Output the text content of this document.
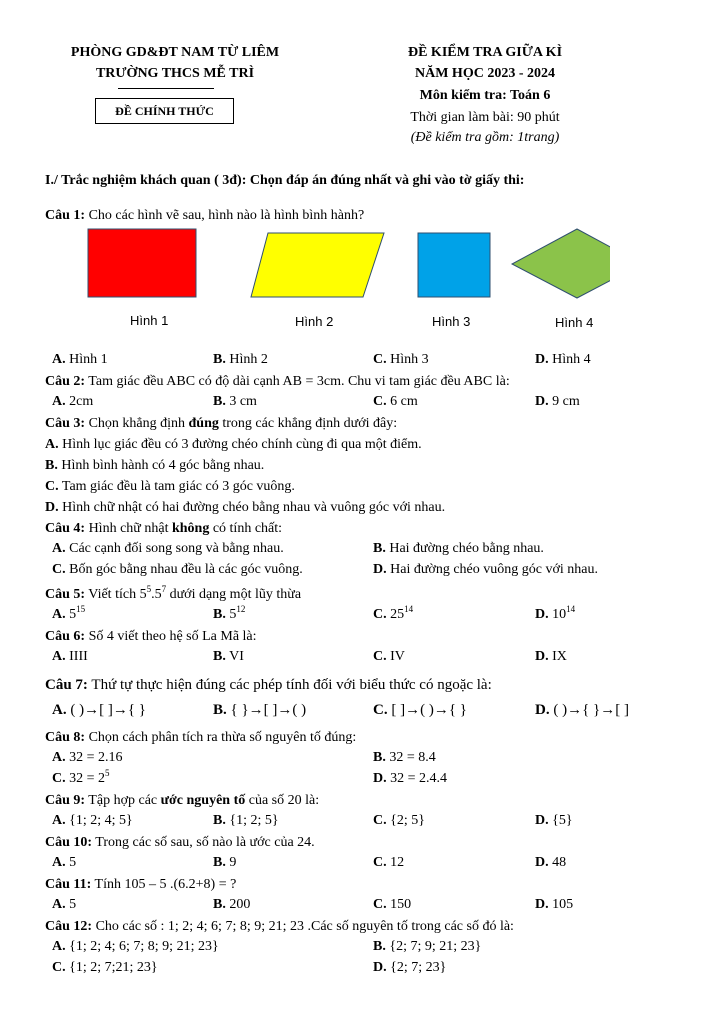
PHÒNG GD&ĐT NAM TỪ LIÊM
TRƯỜNG THCS MỄ TRÌ
ĐỀ CHÍNH THỨC
ĐỀ KIỂM TRA GIỮA KÌ
NĂM HỌC 2023 - 2024
Môn kiểm tra: Toán 6
Thời gian làm bài: 90 phút
(Đề kiểm tra gồm: 1trang)
I./ Trắc nghiệm khách quan ( 3đ): Chọn đáp án đúng nhất và ghi vào tờ giấy thi:
Câu 1: Cho các hình vẽ sau, hình nào là hình bình hành?
Hình 1	Hình 2	Hình 3	Hình 4
A. Hình 1	B. Hình 2	C. Hình 3	D. Hình 4
Câu 2: Tam giác đều ABC có độ dài cạnh AB = 3cm. Chu vi tam giác đều ABC là:
A. 2cm	B. 3 cm	C. 6 cm	D. 9 cm
Câu 3: Chọn khẳng định đúng trong các khẳng định dưới đây:
A. Hình lục giác đều có 3 đường chéo chính cùng đi qua một điểm.
B. Hình bình hành có 4 góc bằng nhau.
C. Tam giác đều là tam giác có 3 góc vuông.
D. Hình chữ nhật có hai đường chéo bằng nhau và vuông góc với nhau.
Câu 4: Hình chữ nhật không có tính chất:
A. Các cạnh đối song song và bằng nhau.	B. Hai đường chéo bằng nhau.
C. Bốn góc bằng nhau đều là các góc vuông.	D. Hai đường chéo vuông góc với nhau.
Câu 5: Viết tích $5^5.5^7$ dưới dạng một lũy thừa
A. $5^{15}$	B. $5^{12}$	C. $25^{14}$	D. $10^{14}$
Câu 6: Số 4 viết theo hệ số La Mã là:
A. IIII	B. VI	C. IV	D. IX
Câu 7: Thứ tự thực hiện đúng các phép tính đối với biểu thức có ngoặc là:
A. ( )→[ ]→{ }	B. { }→[ ]→( )	C. [ ]→( )→{ }	D. ( )→{ }→[ ]
Câu 8: Chọn cách phân tích ra thừa số nguyên tố đúng:
A. 32 = 2.16	B. 32 = 8.4
C. $32 = 2^5$	D. 32 = 2.4.4
Câu 9: Tập hợp các ước nguyên tố của số 20 là:
A. {1; 2; 4; 5}	B. {1; 2; 5}	C. {2; 5}	D. {5}
Câu 10: Trong các số sau, số nào là ước của 24.
A. 5	B. 9	C. 12	D. 48
Câu 11: Tính 105 – 5 .(6.2+8) = ?
A. 5	B. 200	C. 150	D. 105
Câu 12: Cho các số : 1; 2; 4; 6; 7; 8; 9; 21; 23 .Các số nguyên tố trong các số đó là:
A. {1; 2; 4; 6; 7; 8; 9; 21; 23}	B. {2; 7; 9; 21; 23}
C. {1; 2; 7;21; 23}	D. {2; 7; 23}
